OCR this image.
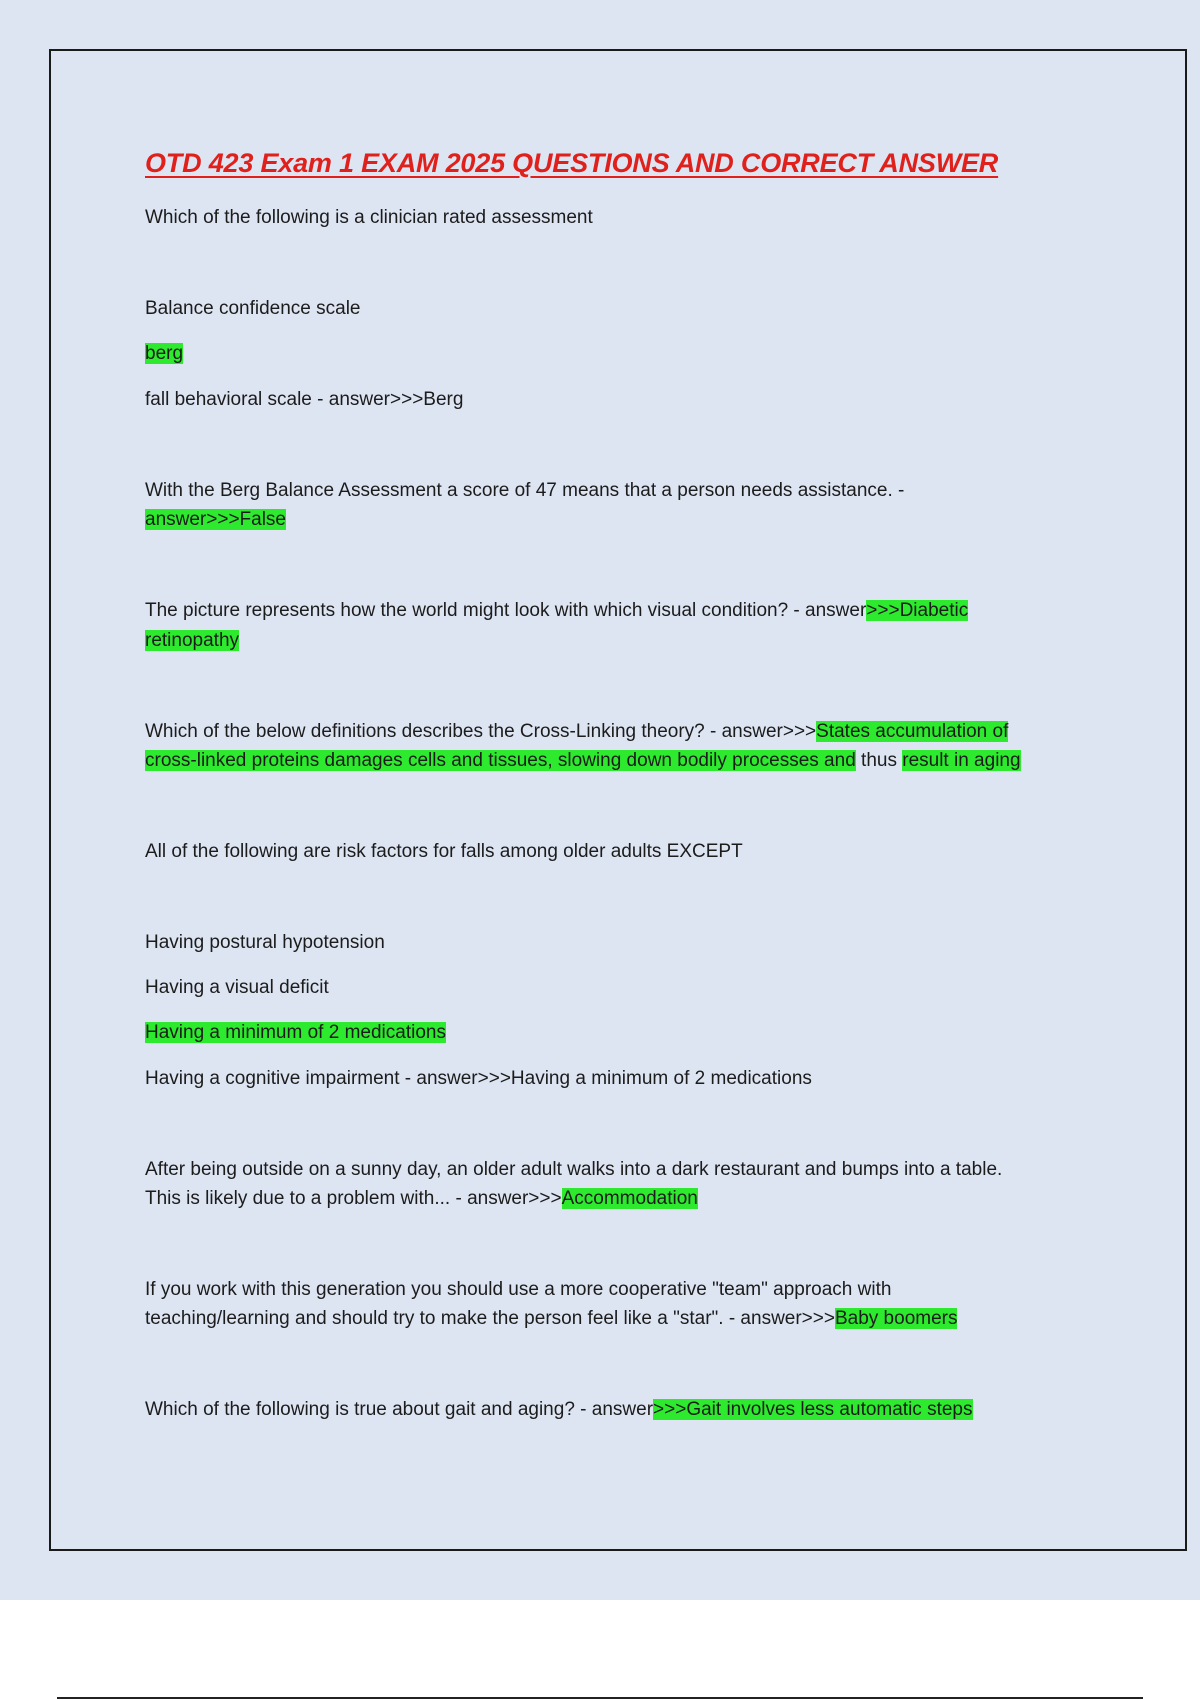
OTD 423 Exam 1 EXAM 2025 QUESTIONS AND CORRECT ANSWER

Which of the following is a clinician rated assessment

Balance confidence scale

berg

fall behavioral scale - answer>>>Berg

With the Berg Balance Assessment a score of 47 means that a person needs assistance. -

answer>>>False

The picture represents how the world might look with which visual condition? - answer>>>Diabetic

retinopathy

Which of the below definitions describes the Cross-Linking theory? - answer>>>States accumulation of

cross-linked proteins damages cells and tissues, slowing down bodily processes and thus result in aging

All of the following are risk factors for falls among older adults EXCEPT

Having postural hypotension

Having a visual deficit

Having a minimum of 2 medications

Having a cognitive impairment - answer>>>Having a minimum of 2 medications

After being outside on a sunny day, an older adult walks into a dark restaurant and bumps into a table.

This is likely due to a problem with... - answer>>>Accommodation

If you work with this generation you should use a more cooperative "team" approach with

teaching/learning and should try to make the person feel like a "star". - answer>>>Baby boomers

Which of the following is true about gait and aging? - answer>>>Gait involves less automatic steps
